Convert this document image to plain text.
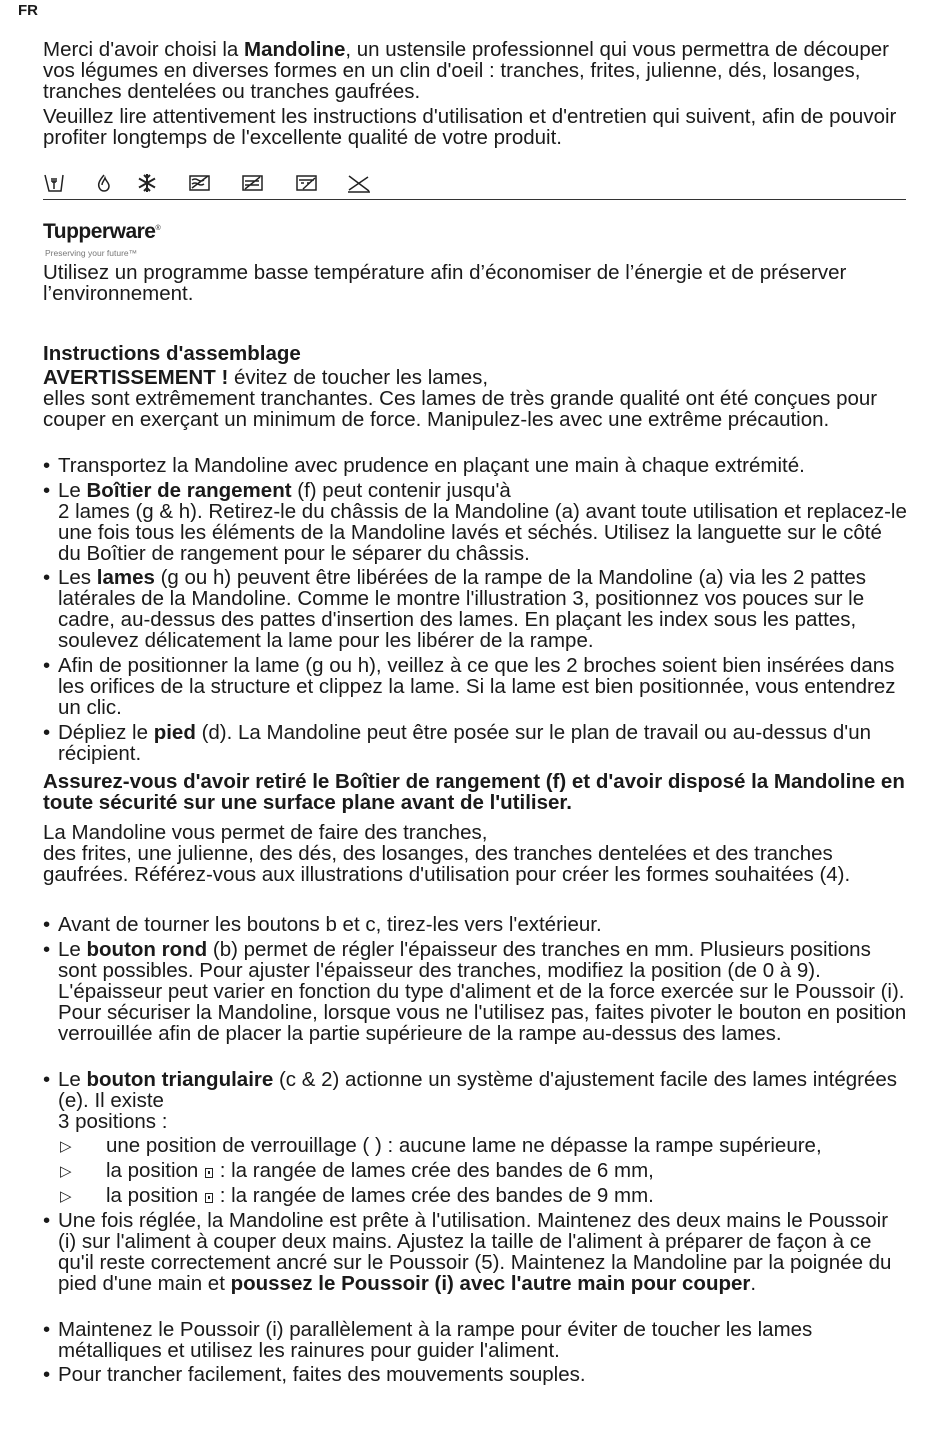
FR

Merci d'avoir choisi la Mandoline, un ustensile professionnel qui vous permettra de découper vos légumes en diverses formes en un clin d'oeil : tranches, frites, julienne, dés, losanges, tranches dentelées ou tranches gaufrées.

Veuillez lire attentivement les instructions d'utilisation et d'entretien qui suivent, afin de pouvoir profiter longtemps de l'excellente qualité de votre produit.

Tupperware®
Preserving your future™

Utilisez un programme basse température afin d’économiser de l’énergie et de préserver l’environnement.

Instructions d'assemblage

AVERTISSEMENT ! évitez de toucher les lames,

elles sont extrêmement tranchantes. Ces lames de très grande qualité ont été conçues pour couper en exerçant un minimum de force. Manipulez-les avec une extrême précaution.

• Transportez la Mandoline avec prudence en plaçant une main à chaque extrémité.
• Le Boîtier de rangement (f) peut contenir jusqu'à
2 lames (g & h). Retirez-le du châssis de la Mandoline (a) avant toute utilisation et replacez-le une fois tous les éléments de la Mandoline lavés et séchés. Utilisez la languette sur le côté du Boîtier de rangement pour le séparer du châssis.
• Les lames (g ou h) peuvent être libérées de la rampe de la Mandoline (a) via les 2 pattes latérales de la Mandoline. Comme le montre l'illustration 3, positionnez vos pouces sur le cadre, au-dessus des pattes d'insertion des lames. En plaçant les index sous les pattes, soulevez délicatement la lame pour les libérer de la rampe.
• Afin de positionner la lame (g ou h), veillez à ce que les 2 broches soient bien insérées dans les orifices de la structure et clippez la lame. Si la lame est bien positionnée, vous entendrez un clic.
• Dépliez le pied (d). La Mandoline peut être posée sur le plan de travail ou au-dessus d'un récipient.

Assurez-vous d'avoir retiré le Boîtier de rangement (f) et d'avoir disposé la Mandoline en toute sécurité sur une surface plane avant de l'utiliser.

La Mandoline vous permet de faire des tranches,

des frites, une julienne, des dés, des losanges, des tranches dentelées et des tranches gaufrées. Référez-vous aux illustrations d'utilisation pour créer les formes souhaitées (4).

• Avant de tourner les boutons b et c, tirez-les vers l'extérieur.
• Le bouton rond (b) permet de régler l'épaisseur des tranches en mm. Plusieurs positions sont possibles. Pour ajuster l'épaisseur des tranches, modifiez la position (de 0 à 9). L'épaisseur peut varier en fonction du type d'aliment et de la force exercée sur le Poussoir (i). Pour sécuriser la Mandoline, lorsque vous ne l'utilisez pas, faites pivoter le bouton en position verrouillée afin de placer la partie supérieure de la rampe au-dessus des lames.
• Le bouton triangulaire (c & 2) actionne un système d'ajustement facile des lames intégrées (e). Il existe
3 positions :
▷ une position de verrouillage ( ) : aucune lame ne dépasse la rampe supérieure,
▷ la position  : la rangée de lames crée des bandes de 6 mm,
▷ la position  : la rangée de lames crée des bandes de 9 mm.
• Une fois réglée, la Mandoline est prête à l'utilisation. Maintenez des deux mains le Poussoir (i) sur l'aliment à couper deux mains. Ajustez la taille de l'aliment à préparer de façon à ce qu'il reste correctement ancré sur le Poussoir (5). Maintenez la Mandoline par la poignée du pied d'une main et poussez le Poussoir (i) avec l'autre main pour couper.
• Maintenez le Poussoir (i) parallèlement à la rampe pour éviter de toucher les lames métalliques et utilisez les rainures pour guider l'aliment.
• Pour trancher facilement, faites des mouvements souples.
